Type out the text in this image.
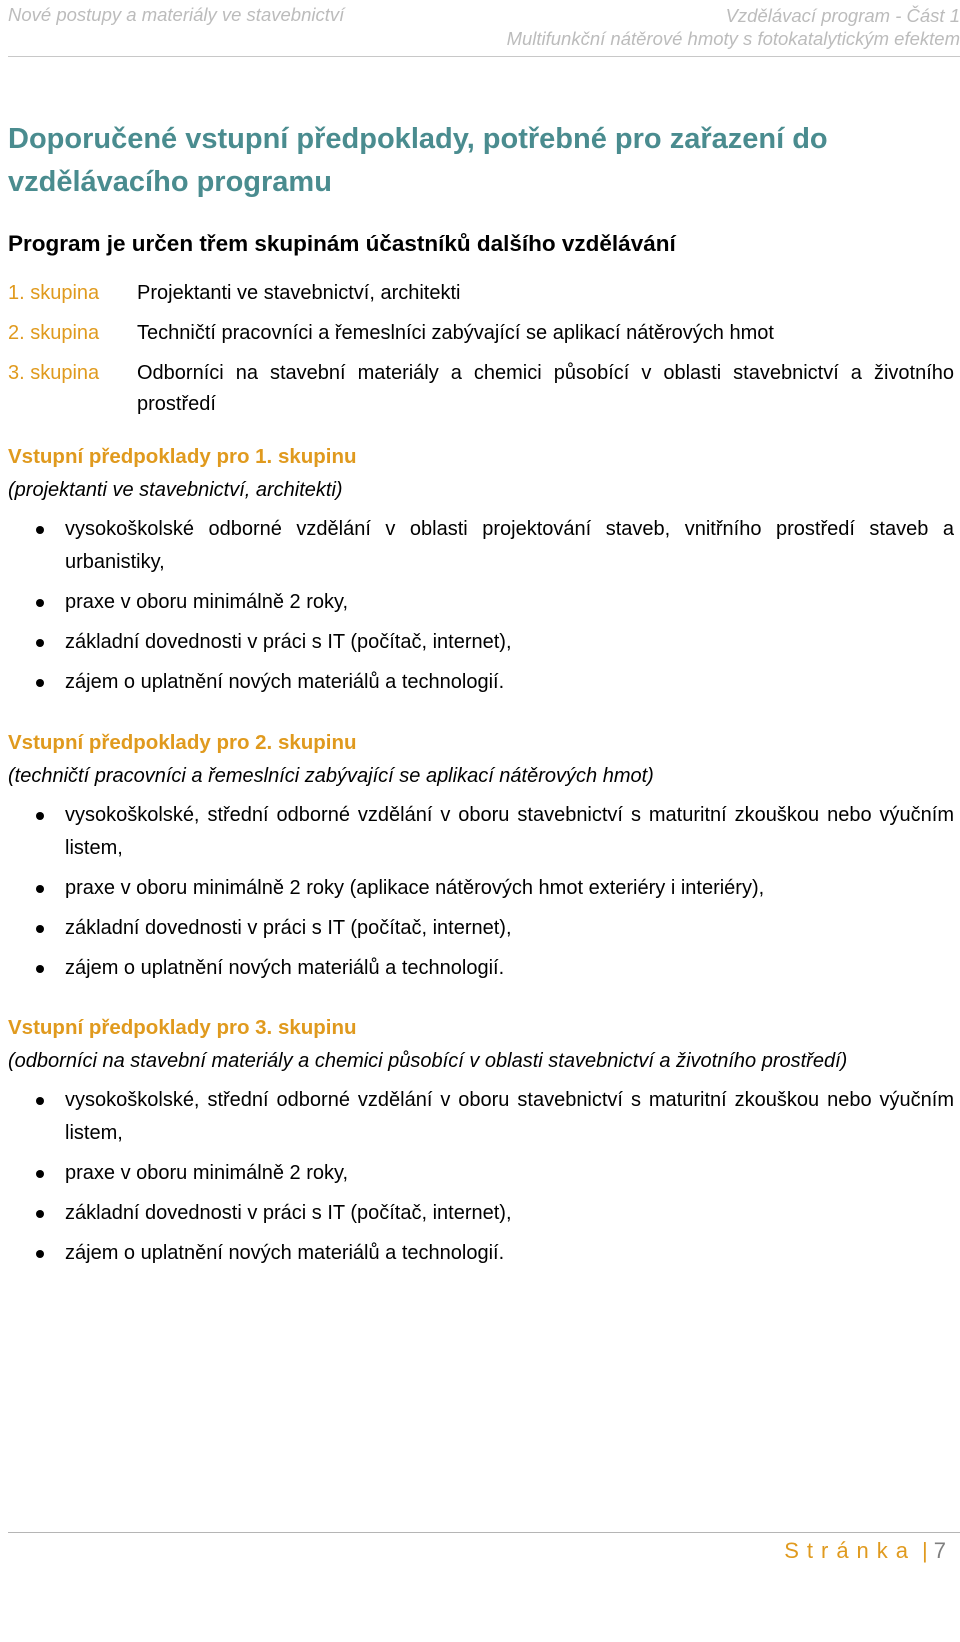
Nové postupy a materiály ve stavebnictví	Vzdělávací program - Část 1
Multifunkční nátěrové hmoty s fotokatalytickým efektem
Doporučené vstupní předpoklady, potřebné pro zařazení do vzdělávacího programu
Program je určen třem skupinám účastníků dalšího vzdělávání
1. skupina	Projektanti ve stavebnictví, architekti
2. skupina	Techničtí pracovníci a řemeslníci zabývající se aplikací nátěrových hmot
3. skupina	Odborníci na stavební materiály a chemici působící v oblasti stavebnictví a životního prostředí
Vstupní předpoklady pro 1. skupinu
(projektanti ve stavebnictví, architekti)
vysokoškolské odborné vzdělání v oblasti projektování staveb, vnitřního prostředí staveb a urbanistiky,
praxe v oboru minimálně 2 roky,
základní dovednosti v práci s IT (počítač, internet),
zájem o uplatnění nových materiálů a technologií.
Vstupní předpoklady pro 2. skupinu
(techničtí pracovníci a řemeslníci zabývající se aplikací nátěrových hmot)
vysokoškolské, střední odborné vzdělání v oboru stavebnictví s maturitní zkouškou nebo výučním listem,
praxe v oboru minimálně 2 roky (aplikace nátěrových hmot exteriéry i interiéry),
základní dovednosti v práci s IT (počítač, internet),
zájem o uplatnění nových materiálů a technologií.
Vstupní předpoklady pro 3. skupinu
(odborníci na stavební materiály a chemici působící v oblasti stavebnictví a životního prostředí)
vysokoškolské, střední odborné vzdělání v oboru stavebnictví s maturitní zkouškou nebo výučním listem,
praxe v oboru minimálně 2 roky,
základní dovednosti v práci s IT (počítač, internet),
zájem o uplatnění nových materiálů a technologií.
Stránka | 7
